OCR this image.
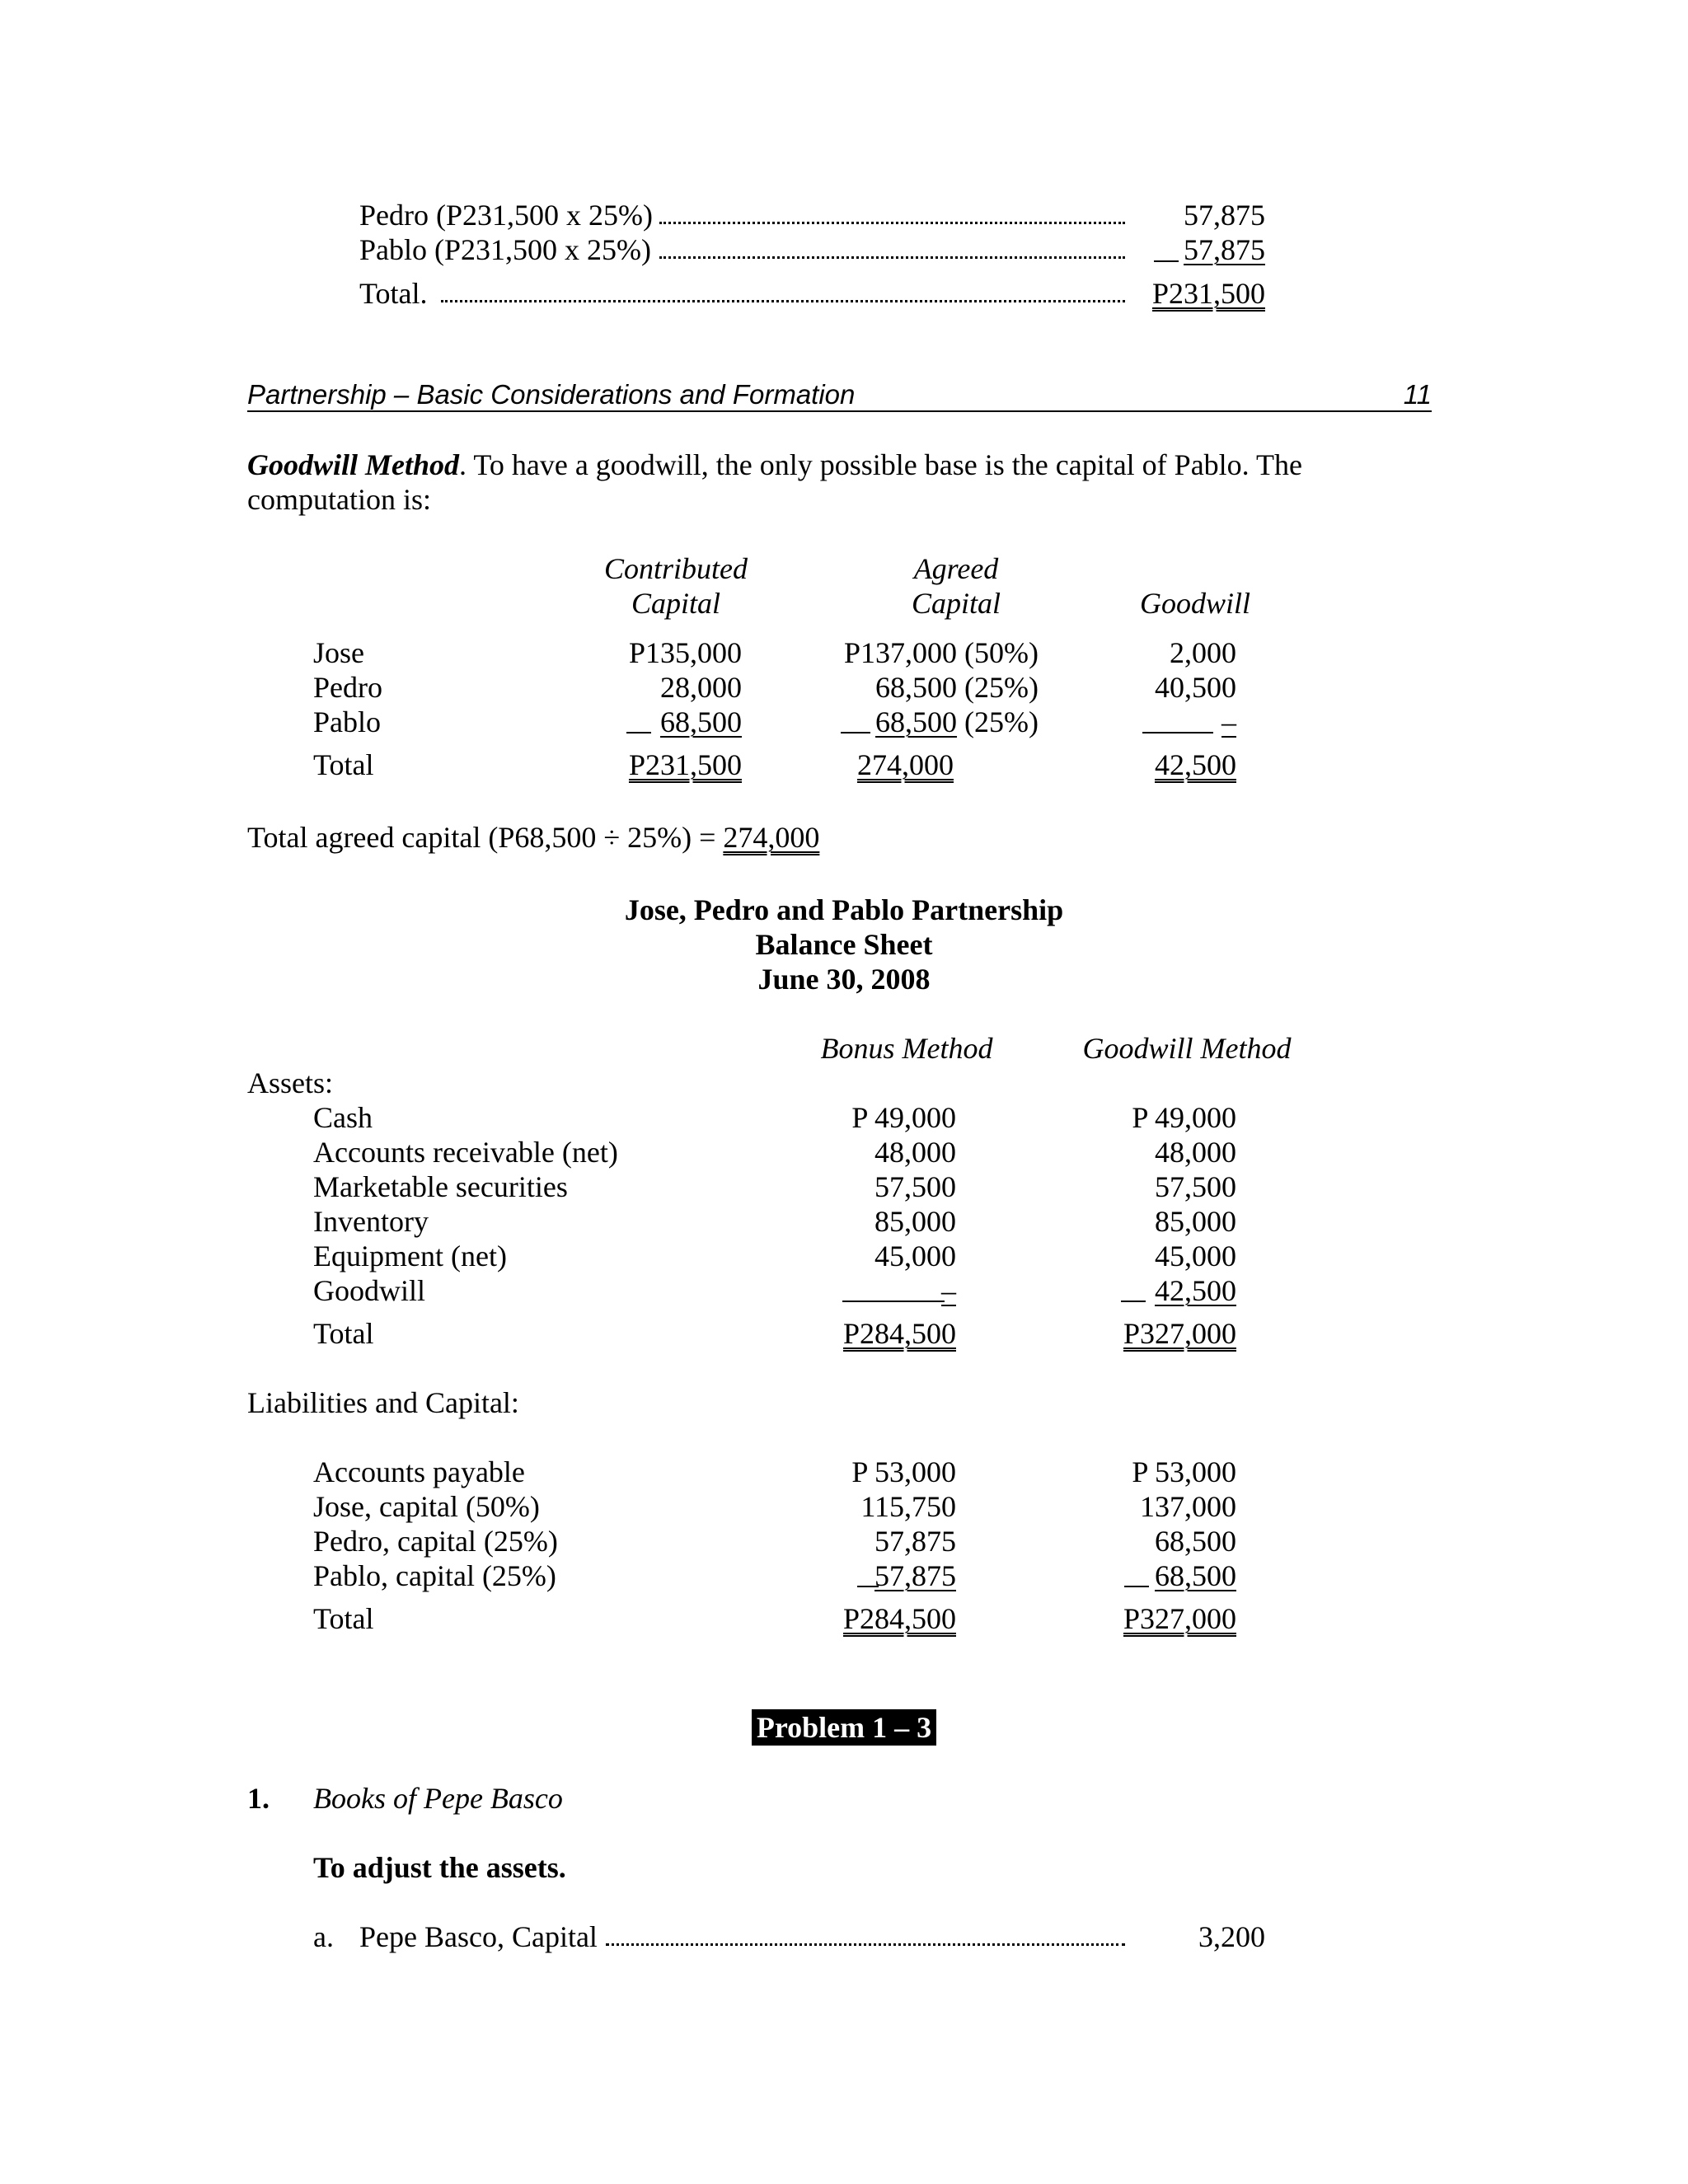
Pedro (P231,500 x 25%)	57,875
Pablo (P231,500 x 25%)	57,875
Total.	P231,500
Partnership – Basic Considerations and Formation	11
Goodwill Method. To have a goodwill, the only possible base is the capital of Pablo. The
computation is:
Contributed
Capital
Agreed
Capital	Goodwill
Jose	P135,000	P137,000 (50%)	2,000
Pedro	28,000	68,500 (25%)	40,500
Pablo	68,500	68,500 (25%)	–
Total	P231,500	274,000	42,500
Total agreed capital (P68,500 ÷ 25%) = 274,000
Jose, Pedro and Pablo Partnership
Balance Sheet
June 30, 2008
Bonus Method	Goodwill Method
Assets:
Cash	P 49,000	P 49,000
Accounts receivable (net)	48,000	48,000
Marketable securities	57,500	57,500
Inventory	85,000	85,000
Equipment (net)	45,000	45,000
Goodwill	–	42,500
Total	P284,500	P327,000
Liabilities and Capital:
Accounts payable	P 53,000	P 53,000
Jose, capital (50%)	115,750	137,000
Pedro, capital (25%)	57,875	68,500
Pablo, capital (25%)	57,875	68,500
Total	P284,500	P327,000
Problem 1 – 3
1. Books of Pepe Basco
To adjust the assets.
a. Pepe Basco, Capital	3,200
